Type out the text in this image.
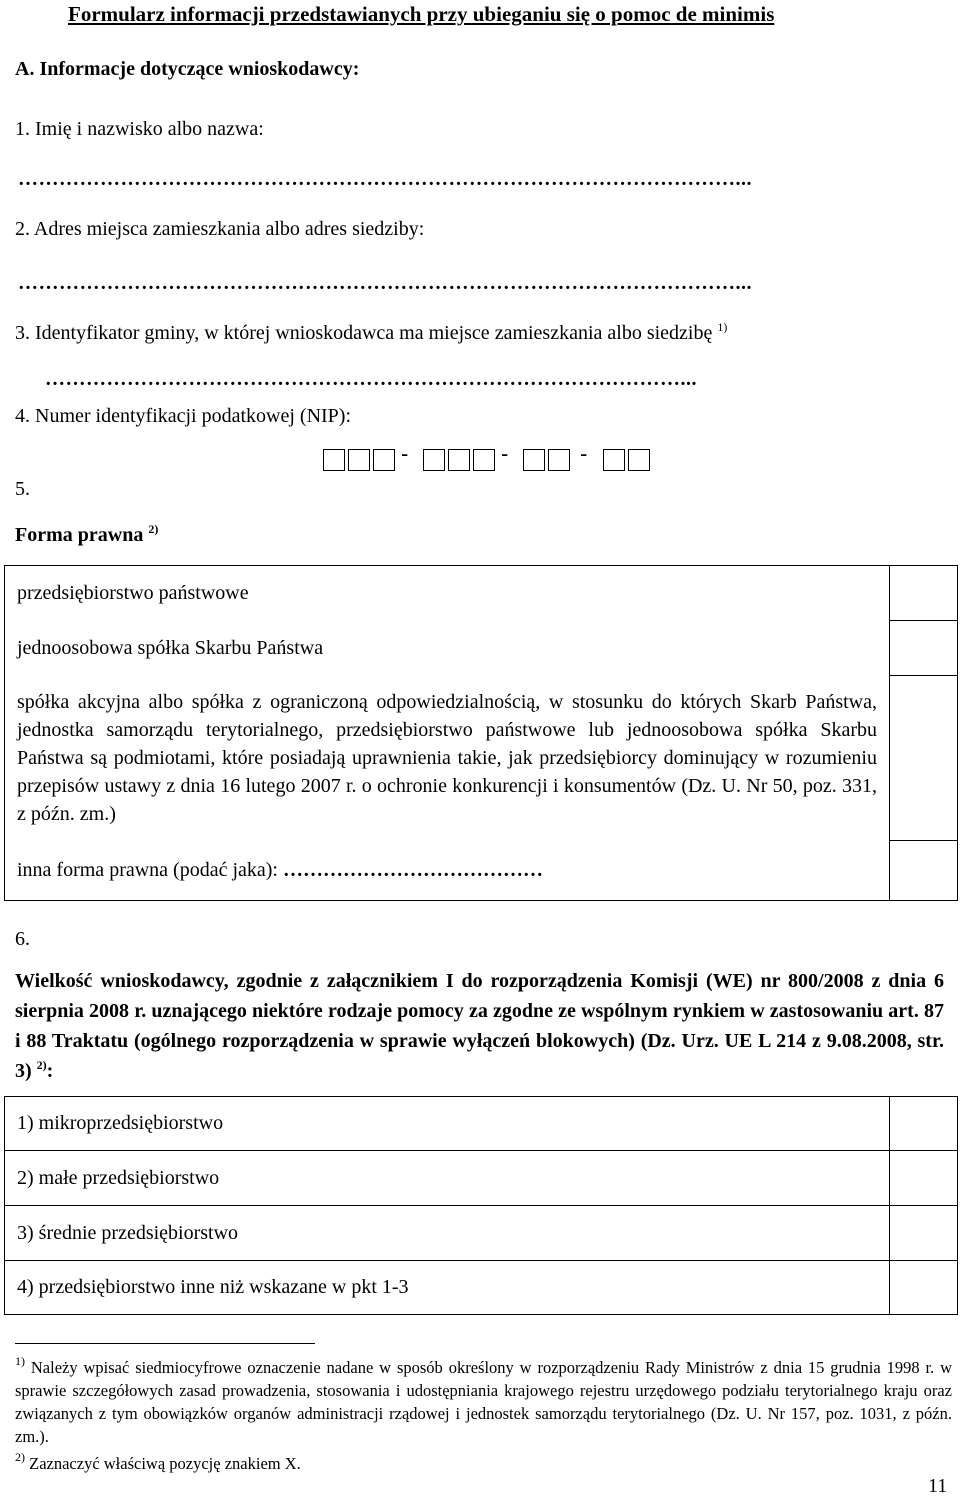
Formularz informacji przedstawianych przy ubieganiu się o pomoc de minimis
A. Informacje dotyczące wnioskodawcy:
1. Imię i nazwisko albo nazwa:
……………………………………………………………………………………………...
2. Adres miejsca zamieszkania albo adres siedziby:
……………………………………………………………………………………………...
3. Identyfikator gminy, w której wnioskodawca ma miejsce zamieszkania albo siedzibę $^{1)}$
…………………………………………………………………………………...
4. Numer identyfikacji podatkowej (NIP):
-	-	-
5.
Forma prawna $^{2)}$
przedsiębiorstwo państwowe	

jednoosobowa spółka Skarbu Państwa	

spółka akcyjna albo spółka z ograniczoną odpowiedzialnością, w stosunku do których Skarb Państwa, jednostka samorządu terytorialnego, przedsiębiorstwo państwowe lub jednoosobowa spółka Skarbu Państwa są podmiotami, które posiadają uprawnienia takie, jak przedsiębiorcy dominujący w rozumieniu przepisów ustawy z dnia 16 lutego 2007 r. o ochronie konkurencji i konsumentów (Dz. U. Nr 50, poz. 331, z późn. zm.)	

inna forma prawna (podać jaka): …………………………………	

6.
Wielkość wnioskodawcy, zgodnie z załącznikiem I do rozporządzenia Komisji (WE) nr 800/2008 z dnia 6 sierpnia 2008 r. uznającego niektóre rodzaje pomocy za zgodne ze wspólnym rynkiem w zastosowaniu art. 87 i 88 Traktatu (ogólnego rozporządzenia w sprawie wyłączeń blokowych) (Dz. Urz. UE L 214 z 9.08.2008, str. 3) $^{2)}$:
1) mikroprzedsiębiorstwo	

2) małe przedsiębiorstwo	

3) średnie przedsiębiorstwo	

4) przedsiębiorstwo inne niż wskazane w pkt 1-3	

$^{1)}$ Należy wpisać siedmiocyfrowe oznaczenie nadane w sposób określony w rozporządzeniu Rady Ministrów z dnia 15 grudnia 1998 r. w sprawie szczegółowych zasad prowadzenia, stosowania i udostępniania krajowego rejestru urzędowego podziału terytorialnego kraju oraz związanych z tym obowiązków organów administracji rządowej i jednostek samorządu terytorialnego (Dz. U. Nr 157, poz. 1031, z późn. zm.).
$^{2)}$ Zaznaczyć właściwą pozycję znakiem X.
11
